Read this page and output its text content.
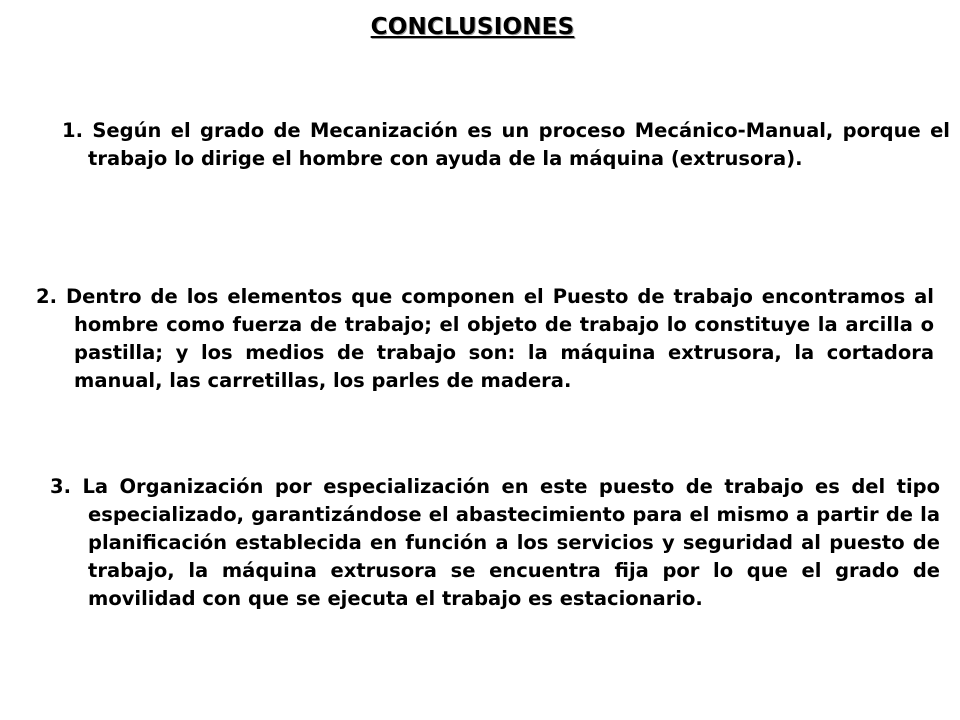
CONCLUSIONES
1. Según el grado de Mecanización es un proceso Mecánico-Manual, porque el trabajo lo dirige el hombre con ayuda de la máquina (extrusora).
2. Dentro de los elementos que componen el Puesto de trabajo encontramos al hombre como fuerza de trabajo; el objeto de trabajo lo constituye la arcilla o pastilla; y los medios de trabajo son: la máquina extrusora, la cortadora manual, las carretillas, los parles de madera.
3. La Organización por especialización en este puesto de trabajo es del tipo especializado, garantizándose el abastecimiento para el mismo a partir de la planificación establecida en función a los servicios y seguridad al puesto de trabajo, la máquina extrusora se encuentra fija por lo que el grado de movilidad con que se ejecuta el trabajo es estacionario.
